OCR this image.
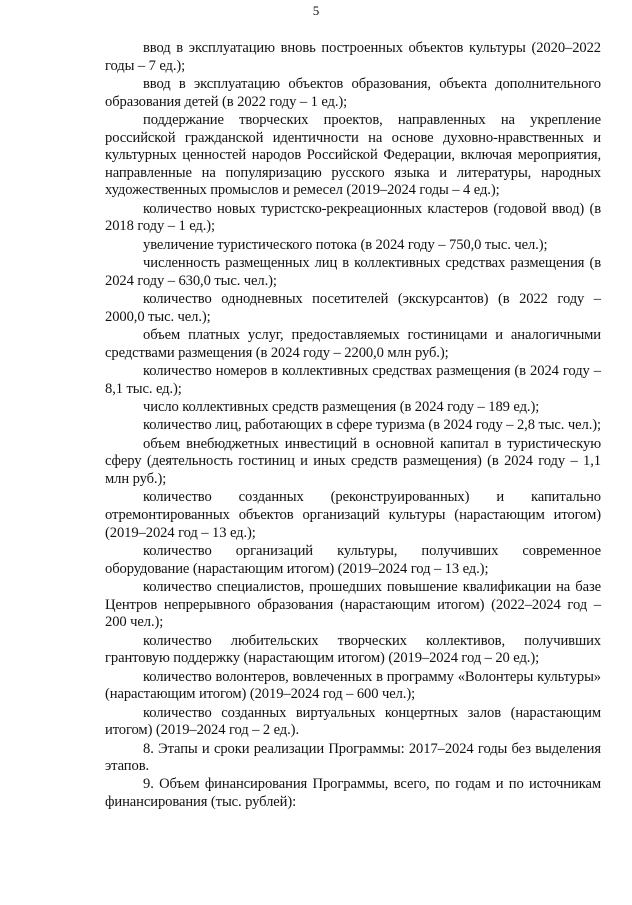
5

ввод в эксплуатацию вновь построенных объектов культуры (2020–2022 годы – 7 ед.);

ввод в эксплуатацию объектов образования, объекта дополнительного образования детей (в 2022 году – 1 ед.);

поддержание творческих проектов, направленных на укрепление российской гражданской идентичности на основе духовно-нравственных и культурных ценностей народов Российской Федерации, включая мероприятия, направленные на популяризацию русского языка и литературы, народных художественных промыслов и ремесел (2019–2024 годы – 4 ед.);

количество новых туристско-рекреационных кластеров (годовой ввод) (в 2018 году – 1 ед.);

увеличение туристического потока (в 2024 году – 750,0 тыс. чел.);

численность размещенных лиц в коллективных средствах размещения (в 2024 году – 630,0 тыс. чел.);

количество однодневных посетителей (экскурсантов) (в 2022 году – 2000,0 тыс. чел.);

объем платных услуг, предоставляемых гостиницами и аналогичными средствами размещения (в 2024 году – 2200,0 млн руб.);

количество номеров в коллективных средствах размещения (в 2024 году – 8,1 тыс. ед.);

число коллективных средств размещения (в 2024 году – 189 ед.);

количество лиц, работающих в сфере туризма (в 2024 году – 2,8 тыс. чел.);

объем внебюджетных инвестиций в основной капитал в туристическую сферу (деятельность гостиниц и иных средств размещения) (в 2024 году – 1,1 млн руб.);

количество созданных (реконструированных) и капитально отремонтированных объектов организаций культуры (нарастающим итогом) (2019–2024 год – 13 ед.);

количество организаций культуры, получивших современное оборудование (нарастающим итогом) (2019–2024 год – 13 ед.);

количество специалистов, прошедших повышение квалификации на базе Центров непрерывного образования (нарастающим итогом) (2022–2024 год – 200 чел.);

количество любительских творческих коллективов, получивших грантовую поддержку (нарастающим итогом) (2019–2024 год – 20 ед.);

количество волонтеров, вовлеченных в программу «Волонтеры культуры» (нарастающим итогом) (2019–2024 год – 600 чел.);

количество созданных виртуальных концертных залов (нарастающим итогом) (2019–2024 год – 2 ед.).

8. Этапы и сроки реализации Программы: 2017–2024 годы без выделения этапов.

9. Объем финансирования Программы, всего, по годам и по источникам финансирования (тыс. рублей):
